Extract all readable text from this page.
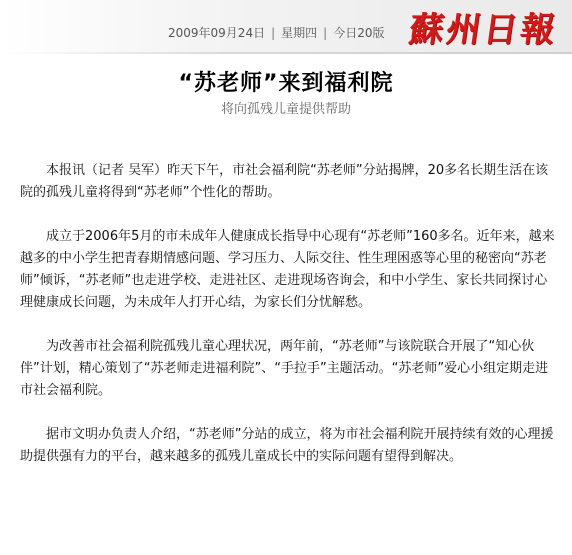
2009年09月24日 | 星期四 | 今日20版 蘇州日報
“苏老师”来到福利院
将向孤残儿童提供帮助

本报讯（记者 吴军）昨天下午，市社会福利院“苏老师”分站揭牌，20多名长期生活在该院的孤残儿童将得到“苏老师”个性化的帮助。

成立于2006年5月的市未成年人健康成长指导中心现有“苏老师”160多名。近年来，越来越多的中小学生把青春期情感问题、学习压力、人际交往、性生理困惑等心里的秘密向“苏老师”倾诉，“苏老师”也走进学校、走进社区、走进现场咨询会，和中小学生、家长共同探讨心理健康成长问题，为未成年人打开心结，为家长们分忧解愁。

为改善市社会福利院孤残儿童心理状况，两年前，“苏老师”与该院联合开展了“知心伙伴”计划，精心策划了“苏老师走进福利院”、“手拉手”主题活动。“苏老师”爱心小组定期走进市社会福利院。

据市文明办负责人介绍，“苏老师”分站的成立，将为市社会福利院开展持续有效的心理援助提供强有力的平台，越来越多的孤残儿童成长中的实际问题有望得到解决。
